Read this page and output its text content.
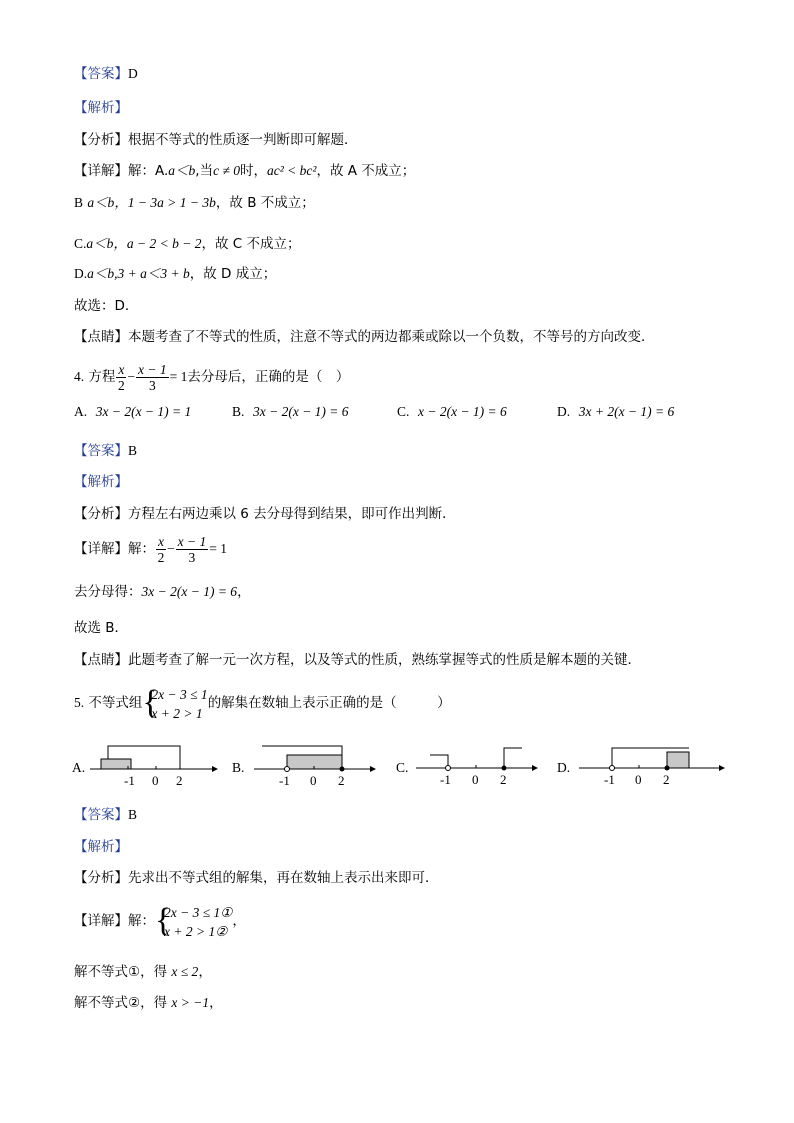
【答案】D
【解析】
【分析】根据不等式的性质逐一判断即可解题．
【详解】解：A.a＜b,当c ≠ 0时，ac² < bc²，故 A 不成立；
B a＜b，1 − 3a > 1 − 3b，故 B 不成立；
C.a＜b，a − 2 < b − 2，故 C 不成立；
D.a＜b,3 + a＜3 + b，故 D 成立；
故选：D．
【点睛】本题考查了不等式的性质，注意不等式的两边都乘或除以一个负数，不等号的方向改变．
4. 方程 $\frac{x}{2} - \frac{x - 1}{3} = 1$去分母后，正确的是（　）
A. 3x − 2(x − 1) = 1	B. 3x − 2(x − 1) = 6	C. x − 2(x − 1) = 6	D. 3x + 2(x − 1) = 6
【答案】B
【解析】
【分析】方程左右两边乘以 6 去分母得到结果，即可作出判断．
【详解】解： $\frac{x}{2} - \frac{x - 1}{3} = 1$
去分母得：3x − 2(x − 1) = 6，
故选 B．
【点睛】此题考查了解一元一次方程，以及等式的性质，熟练掌握等式的性质是解本题的关键．
5. 不等式组 {
2x − 3 ≤ 1
x + 2 > 1
的解集在数轴上表示正确的是（　　　）
A.
-1 0 2
B.
-1 0 2
C.
-1 0 2
D.
-1 0 2
【答案】B
【解析】
【分析】先求出不等式组的解集，再在数轴上表示出来即可．
【详解】解： {
2x − 3 ≤ 1①
x + 2 > 1②
，
解不等式①，得 x ≤ 2，
解不等式②，得 x > −1，
